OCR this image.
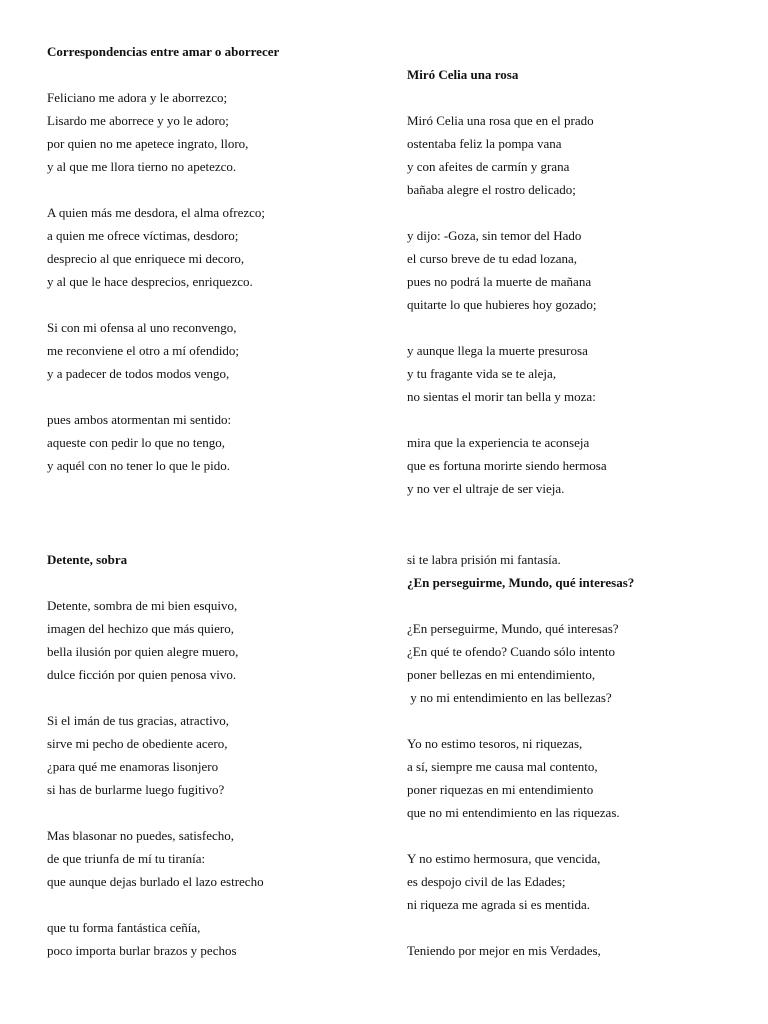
Correspondencias entre amar o aborrecer
Feliciano me adora y le aborrezco;
Lisardo me aborrece y yo le adoro;
por quien no me apetece ingrato, lloro,
y al que me llora tierno no apetezco.
A quien más me desdora, el alma ofrezco;
a quien me ofrece víctimas, desdoro;
desprecio al que enriquece mi decoro,
y al que le hace desprecios, enriquezco.
Si con mi ofensa al uno reconvengo,
me reconviene el otro a mí ofendido;
y a padecer de todos modos vengo,
pues ambos atormentan mi sentido:
aqueste con pedir lo que no tengo,
y aquél con no tener lo que le pido.
Miró Celia una rosa
Miró Celia una rosa que en el prado
ostentaba feliz la pompa vana
y con afeites de carmín y grana
bañaba alegre el rostro delicado;
y dijo: -Goza, sin temor del Hado
el curso breve de tu edad lozana,
pues no podrá la muerte de mañana
quitarte lo que hubieres hoy gozado;
y aunque llega la muerte presurosa
y tu fragante vida se te aleja,
no sientas el morir tan bella y moza:
mira que la experiencia te aconseja
que es fortuna morirte siendo hermosa
y no ver el ultraje de ser vieja.
Detente, sobra
Detente, sombra de mi bien esquivo,
imagen del hechizo que más quiero,
bella ilusión por quien alegre muero,
dulce ficción por quien penosa vivo.
Si el imán de tus gracias, atractivo,
sirve mi pecho de obediente acero,
¿para qué me enamoras lisonjero
si has de burlarme luego fugitivo?
Mas blasonar no puedes, satisfecho,
de que triunfa de mí tu tiranía:
que aunque dejas burlado el lazo estrecho
que tu forma fantástica ceñía,
poco importa burlar brazos y pechos
si te labra prisión mi fantasía.
¿En perseguirme, Mundo, qué interesas?
¿En perseguirme, Mundo, qué interesas?
¿En qué te ofendo? Cuando sólo intento
poner bellezas en mi entendimiento,
y no mi entendimiento en las bellezas?
Yo no estimo tesoros, ni riquezas,
a sí, siempre me causa mal contento,
poner riquezas en mi entendimiento
que no mi entendimiento en las riquezas.
Y no estimo hermosura, que vencida,
es despojo civil de las Edades;
ni riqueza me agrada si es mentida.
Teniendo por mejor en mis Verdades,
